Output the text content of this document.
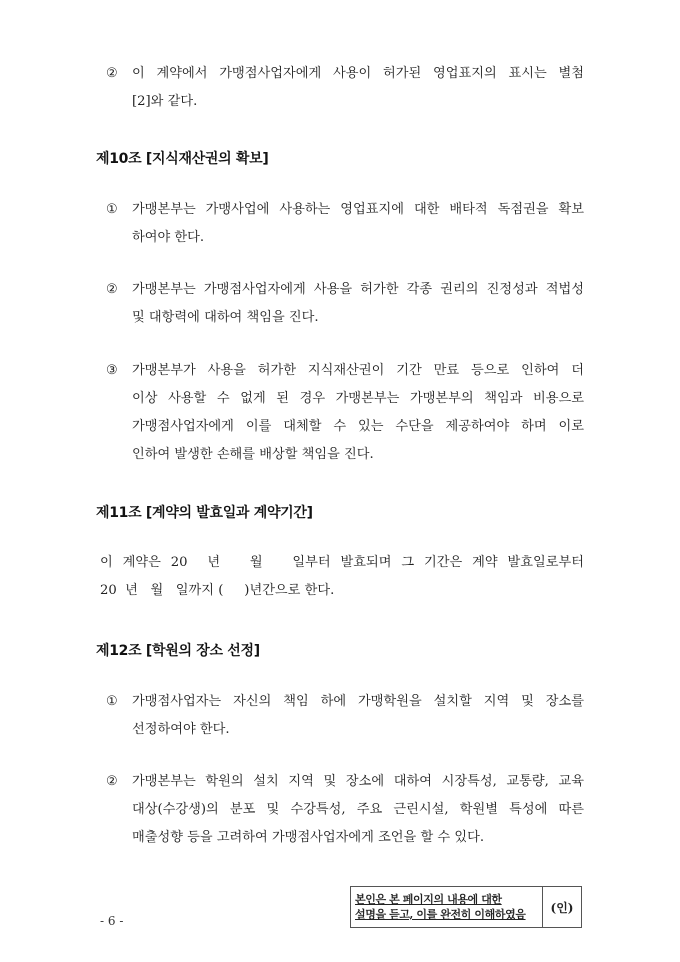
②	이 계약에서 가맹점사업자에게 사용이 허가된 영업표지의 표시는 별첨
[2]와 같다.
제10조 [지식재산권의 확보]
①	가맹본부는 가맹사업에 사용하는 영업표지에 대한 배타적 독점권을 확보
하여야 한다.
②	가맹본부는 가맹점사업자에게 사용을 허가한 각종 권리의 진정성과 적법성
및 대항력에 대하여 책임을 진다.
③	가맹본부가 사용을 허가한 지식재산권이 기간 만료 등으로 인하여 더
이상 사용할 수 없게 된 경우 가맹본부는 가맹본부의 책임과 비용으로
가맹점사업자에게 이를 대체할 수 있는 수단을 제공하여야 하며 이로
인하여 발생한 손해를 배상할 책임을 진다.
제11조 [계약의 발효일과 계약기간]
이 계약은 20  년   월   일부터 발효되며 그 기간은 계약 발효일로부터
20  년   월   일까지 (     )년간으로 한다.
제12조 [학원의 장소 선정]
①	가맹점사업자는 자신의 책임 하에 가맹학원을 설치할 지역 및 장소를
선정하여야 한다.
②	가맹본부는 학원의 설치 지역 및 장소에 대하여 시장특성, 교통량, 교육
대상(수강생)의 분포 및 수강특성, 주요 근린시설, 학원별 특성에 따른
매출성향 등을 고려하여 가맹점사업자에게 조언을 할 수 있다.
- 6 -
본인은 본 페이지의 내용에 대한
설명을 듣고, 이를 완전히 이해하였음	(인)
